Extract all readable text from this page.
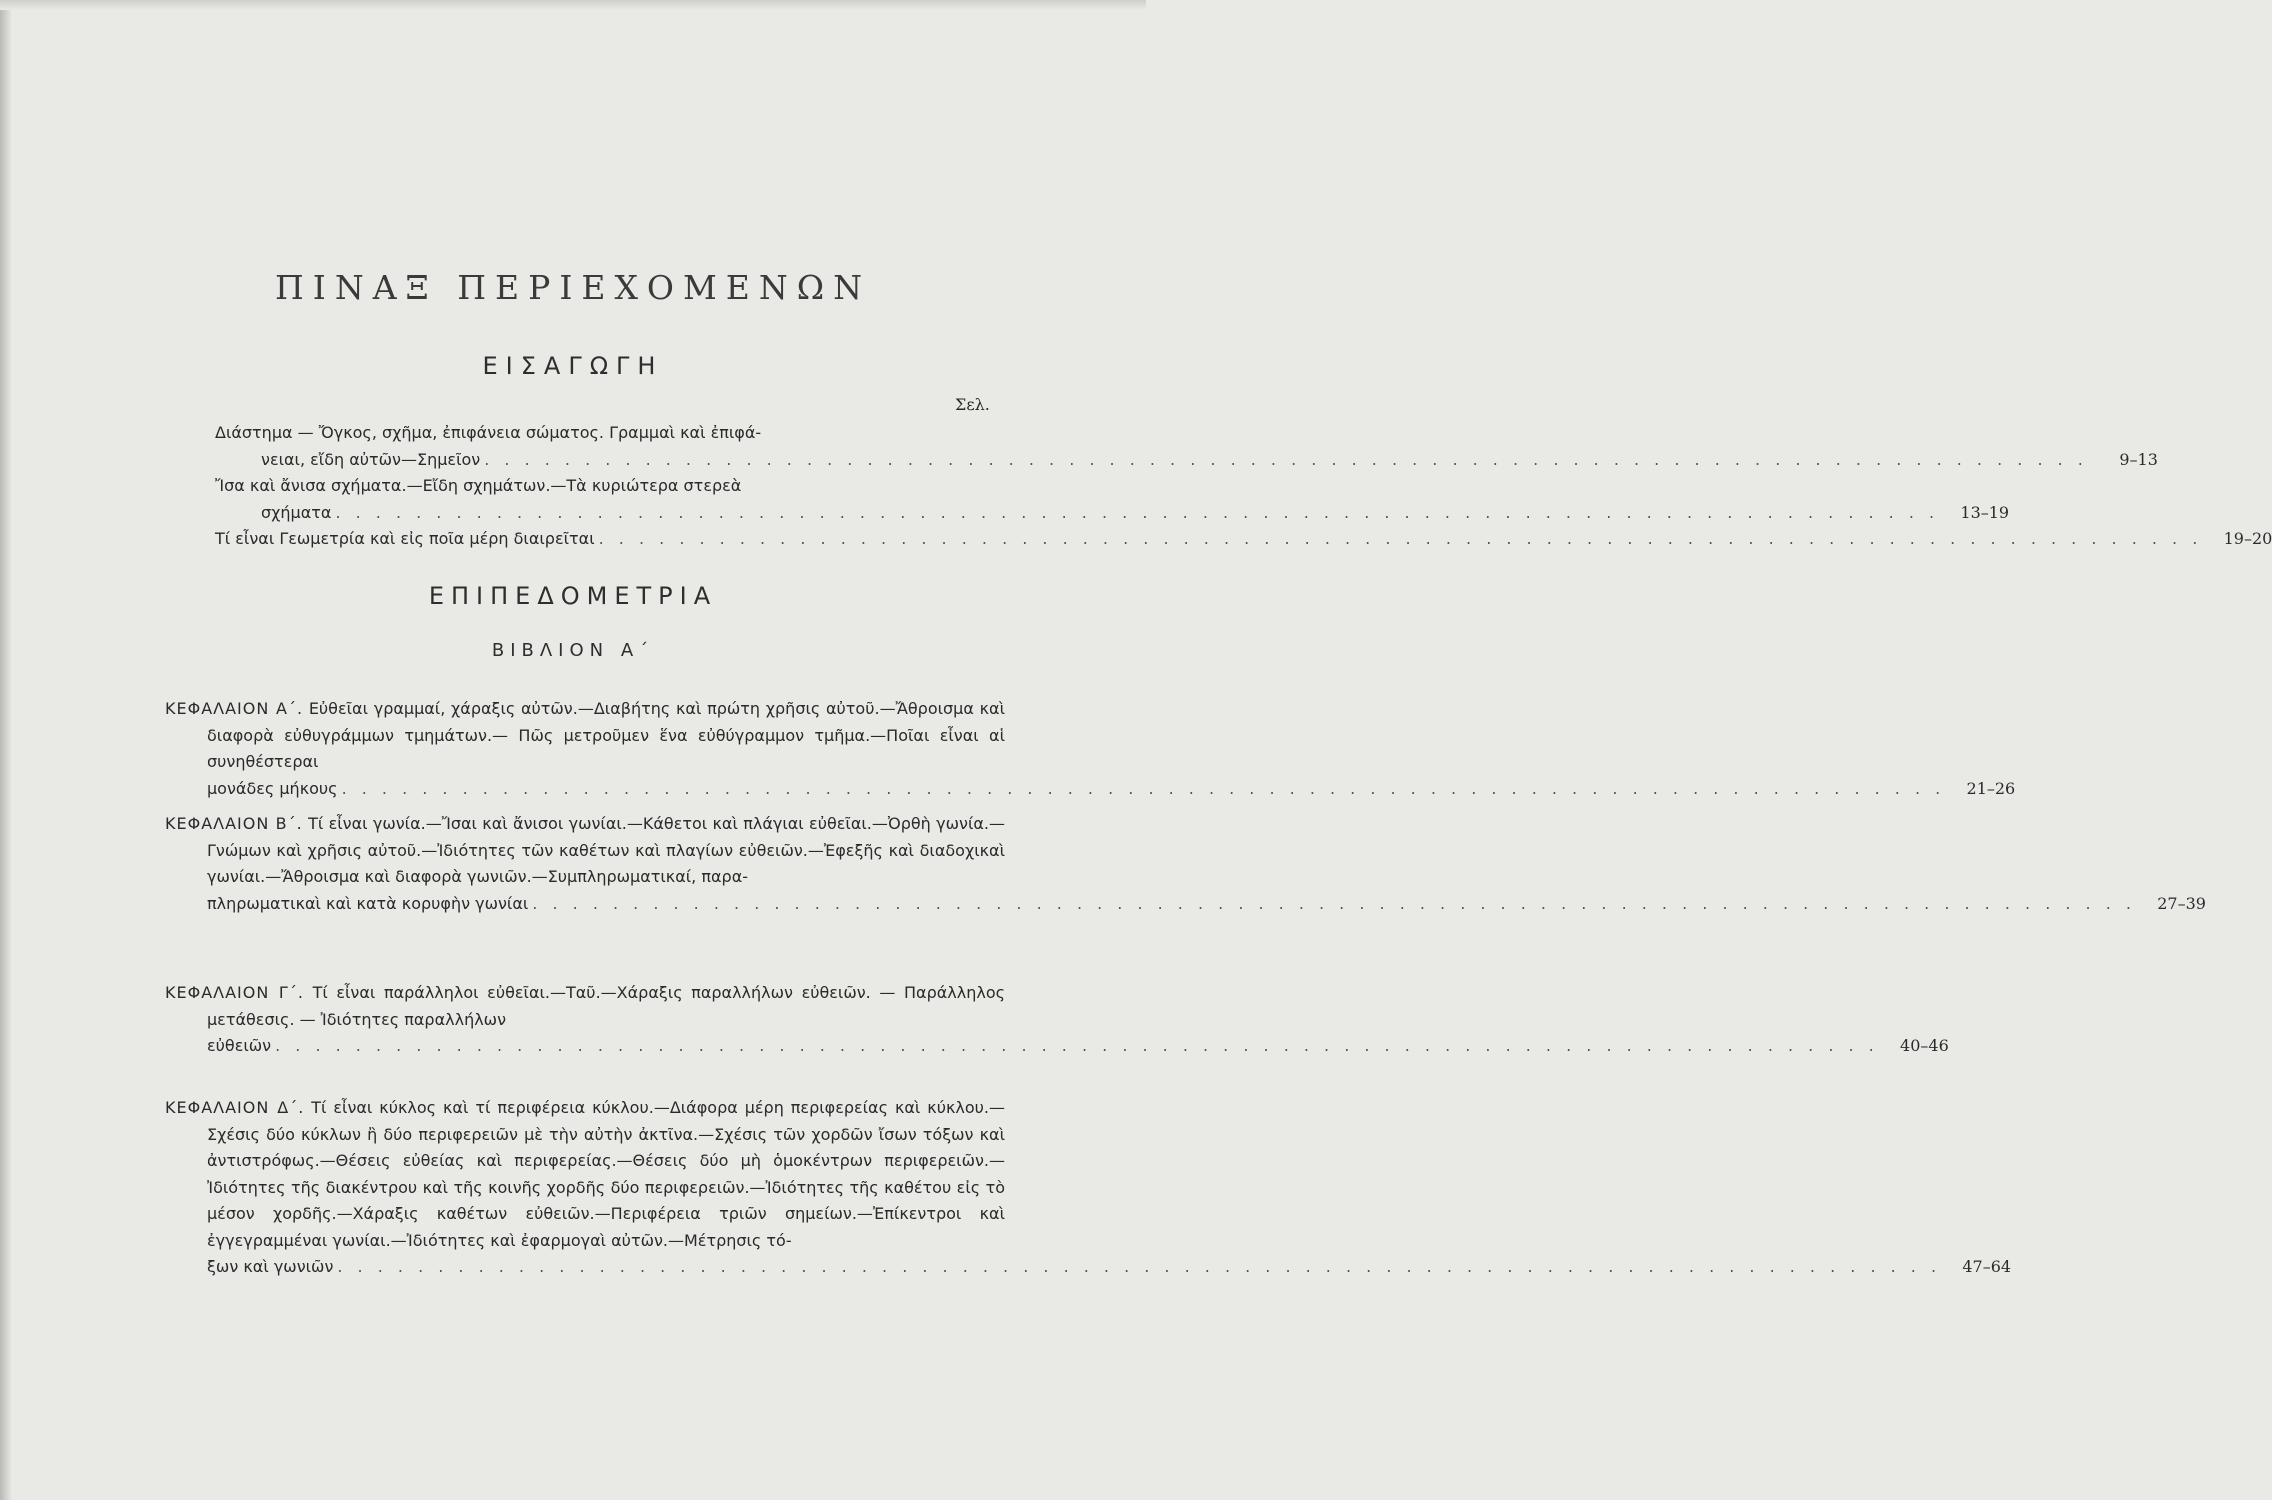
ΠΙΝΑΞ ΠΕΡΙΕΧΟΜΕΝΩΝ
ΕΙΣΑΓΩΓΗ
Σελ.
Διάστημα — Ὄγκος, σχῆμα, ἐπιφάνεια σώματος. Γραμμαὶ καὶ ἐπιφά-
νειαι, εἴδη αὐτῶν—Σημεῖον . . . . . . . . . . . . . . . . . . . . . . . . . . . . . . . . . . . . . . . . . . . . . . . . . . . . . . . . . . . . . . . . . . . . . . . . . . . . . . . .	9–13
Ἴσα καὶ ἄνισα σχήματα.—Εἴδη σχημάτων.—Τὰ κυριώτερα στερεὰ
σχήματα . . . . . . . . . . . . . . . . . . . . . . . . . . . . . . . . . . . . . . . . . . . . . . . . . . . . . . . . . . . . . . . . . . . . . . . . . . . . . . . .	13–19
Τί εἶναι Γεωμετρία καὶ εἰς ποῖα μέρη διαιρεῖται . . . . . . . . . . . . . . . . . . . . . . . . . . . . . . . . . . . . . . . . . . . . . . . . . . . . . . . . . . . . . . . . . . . . . . . . . . . . . . . .	19–20
ΕΠΙΠΕΔΟΜΕΤΡΙΑ
ΒΙΒΛΙΟΝ Α΄
ΚΕΦΑΛΑΙΟΝ Α΄. Εὐθεῖαι γραμμαί, χάραξις αὐτῶν.—Διαβήτης καὶ πρώτη χρῆσις αὐτοῦ.—Ἄθροισμα καὶ διαφορὰ εὐθυγράμμων τμημάτων.— Πῶς μετροῦμεν ἕνα εὐθύγραμμον τμῆμα.—Ποῖαι εἶναι αἱ συνηθέστεραι
μονάδες μήκους . . . . . . . . . . . . . . . . . . . . . . . . . . . . . . . . . . . . . . . . . . . . . . . . . . . . . . . . . . . . . . . . . . . . . . . . . . . . . . . .	21–26
ΚΕΦΑΛΑΙΟΝ Β΄. Τί εἶναι γωνία.—Ἴσαι καὶ ἄνισοι γωνίαι.—Κάθετοι καὶ πλάγιαι εὐθεῖαι.—Ὀρθὴ γωνία.—Γνώμων καὶ χρῆσις αὐτοῦ.—Ἰδιότητες τῶν καθέτων καὶ πλαγίων εὐθειῶν.—Ἐφεξῆς καὶ διαδοχικαὶ γωνίαι.—Ἄθροισμα καὶ διαφορὰ γωνιῶν.—Συμπληρωματικαί, παρα-
πληρωματικαὶ καὶ κατὰ κορυφὴν γωνίαι . . . . . . . . . . . . . . . . . . . . . . . . . . . . . . . . . . . . . . . . . . . . . . . . . . . . . . . . . . . . . . . . . . . . . . . . . . . . . . . .	27–39
ΚΕΦΑΛΑΙΟΝ Γ΄. Τί εἶναι παράλληλοι εὐθεῖαι.—Ταῦ.—Χάραξις παραλλήλων εὐθειῶν. — Παράλληλος μετάθεσις. — Ἰδιότητες παραλλήλων
εὐθειῶν . . . . . . . . . . . . . . . . . . . . . . . . . . . . . . . . . . . . . . . . . . . . . . . . . . . . . . . . . . . . . . . . . . . . . . . . . . . . . . . .	40–46
ΚΕΦΑΛΑΙΟΝ Δ΄. Τί εἶναι κύκλος καὶ τί περιφέρεια κύκλου.—Διάφορα μέρη περιφερείας καὶ κύκλου.—Σχέσις δύο κύκλων ἢ δύο περιφερειῶν μὲ τὴν αὐτὴν ἀκτῖνα.—Σχέσις τῶν χορδῶν ἴσων τόξων καὶ ἀντιστρόφως.—Θέσεις εὐθείας καὶ περιφερείας.—Θέσεις δύο μὴ ὁμοκέντρων περιφερειῶν.—Ἰδιότητες τῆς διακέντρου καὶ τῆς κοινῆς χορδῆς δύο περιφερειῶν.—Ἰδιότητες τῆς καθέτου εἰς τὸ μέσον χορδῆς.—Χάραξις καθέτων εὐθειῶν.—Περιφέρεια τριῶν σημείων.—Ἐπίκεντροι καὶ ἐγγεγραμμέναι γωνίαι.—Ἰδιότητες καὶ ἐφαρμογαὶ αὐτῶν.—Μέτρησις τό-
ξων καὶ γωνιῶν . . . . . . . . . . . . . . . . . . . . . . . . . . . . . . . . . . . . . . . . . . . . . . . . . . . . . . . . . . . . . . . . . . . . . . . . . . . . . . . .	47–64
